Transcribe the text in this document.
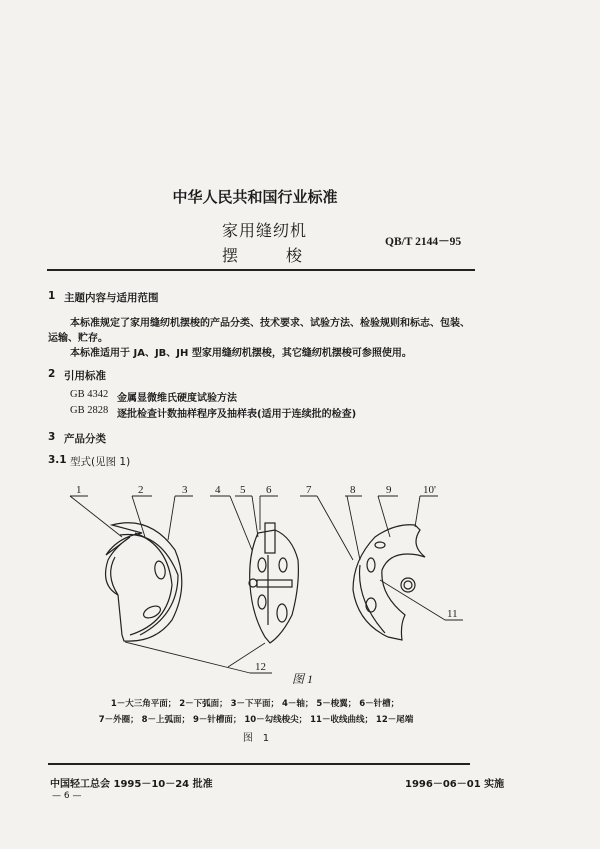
中华人民共和国行业标准
家用缝纫机
摆　　　梭
QB/T 2144－95
1 主题内容与适用范围
本标准规定了家用缝纫机摆梭的产品分类、技术要求、试验方法、检验规则和标志、包装、
运输、贮存。
本标准适用于 JA、JB、JH 型家用缝纫机摆梭，其它缝纫机摆梭可参照使用。
2 引用标准
GB 4342 金属显微维氏硬度试验方法
GB 2828 逐批检查计数抽样程序及抽样表(适用于连续批的检查)
3 产品分类
3.1 型式(见图 1)
1	2	3	4 5 6	7	8	9	10'
11
12
图 1
1－大三角平面； 2－下弧面； 3－下平面； 4－轴； 5－梭翼； 6－针槽；
7－外圈； 8－上弧面； 9－针槽面； 10－勾线梭尖； 11－收线曲线； 12－尾端
图　1
中国轻工总会 1995－10－24 批准	1996－06－01 实施
— 6 —
